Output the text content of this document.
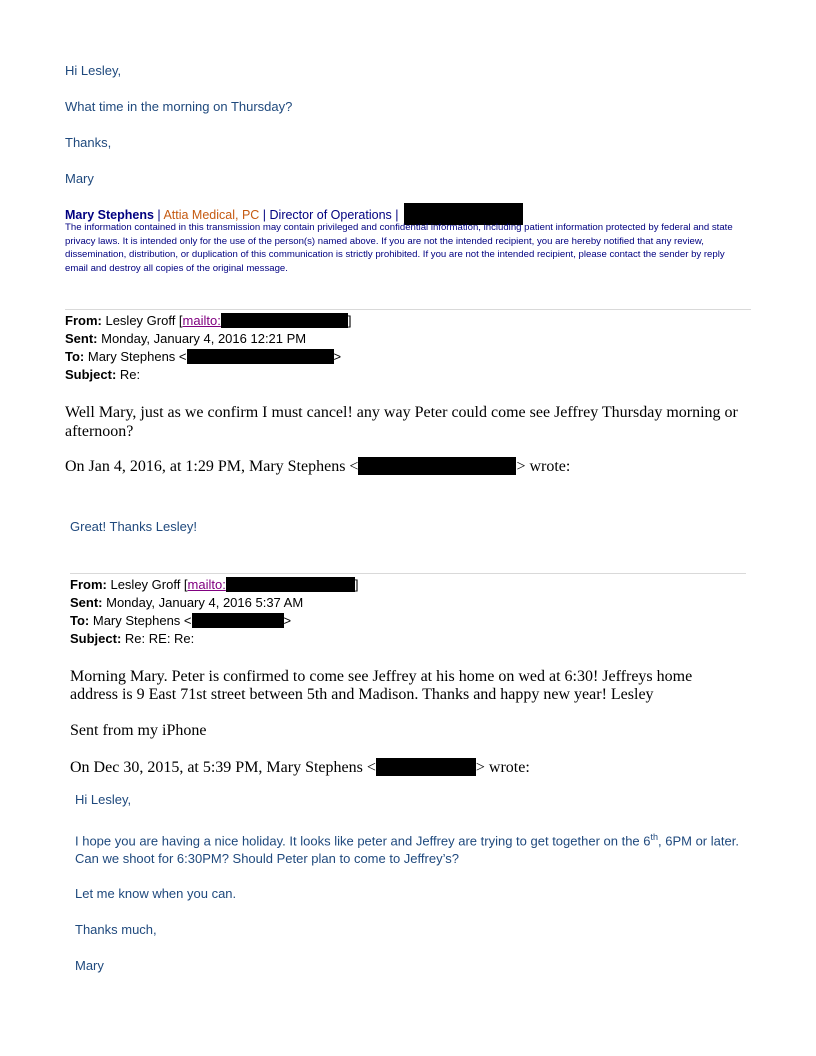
Hi Lesley,
What time in the morning on Thursday?
Thanks,
Mary
Mary Stephens | Attia Medical, PC | Director of Operations |
The information contained in this transmission may contain privileged and confidential information, including patient information protected by federal and state privacy laws. It is intended only for the use of the person(s) named above. If you are not the intended recipient, you are hereby notified that any review, dissemination, distribution, or duplication of this communication is strictly prohibited. If you are not the intended recipient, please contact the sender by reply email and destroy all copies of the original message.
From: Lesley Groff [mailto:	]
Sent: Monday, January 4, 2016 12:21 PM
To: Mary Stephens <	>
Subject: Re:
Well Mary, just as we confirm I must cancel! any way Peter could come see Jeffrey Thursday morning or afternoon?
On Jan 4, 2016, at 1:29 PM, Mary Stephens <	> wrote:
Great! Thanks Lesley!
From: Lesley Groff [mailto:	]
Sent: Monday, January 4, 2016 5:37 AM
To: Mary Stephens <	>
Subject: Re: RE: Re:
Morning Mary. Peter is confirmed to come see Jeffrey at his home on wed at 6:30! Jeffreys home address is 9 East 71st street between 5th and Madison. Thanks and happy new year! Lesley
Sent from my iPhone
On Dec 30, 2015, at 5:39 PM, Mary Stephens <	> wrote:
Hi Lesley,
I hope you are having a nice holiday. It looks like peter and Jeffrey are trying to get together on the 6th, 6PM or later. Can we shoot for 6:30PM? Should Peter plan to come to Jeffrey’s?
Let me know when you can.
Thanks much,
Mary
